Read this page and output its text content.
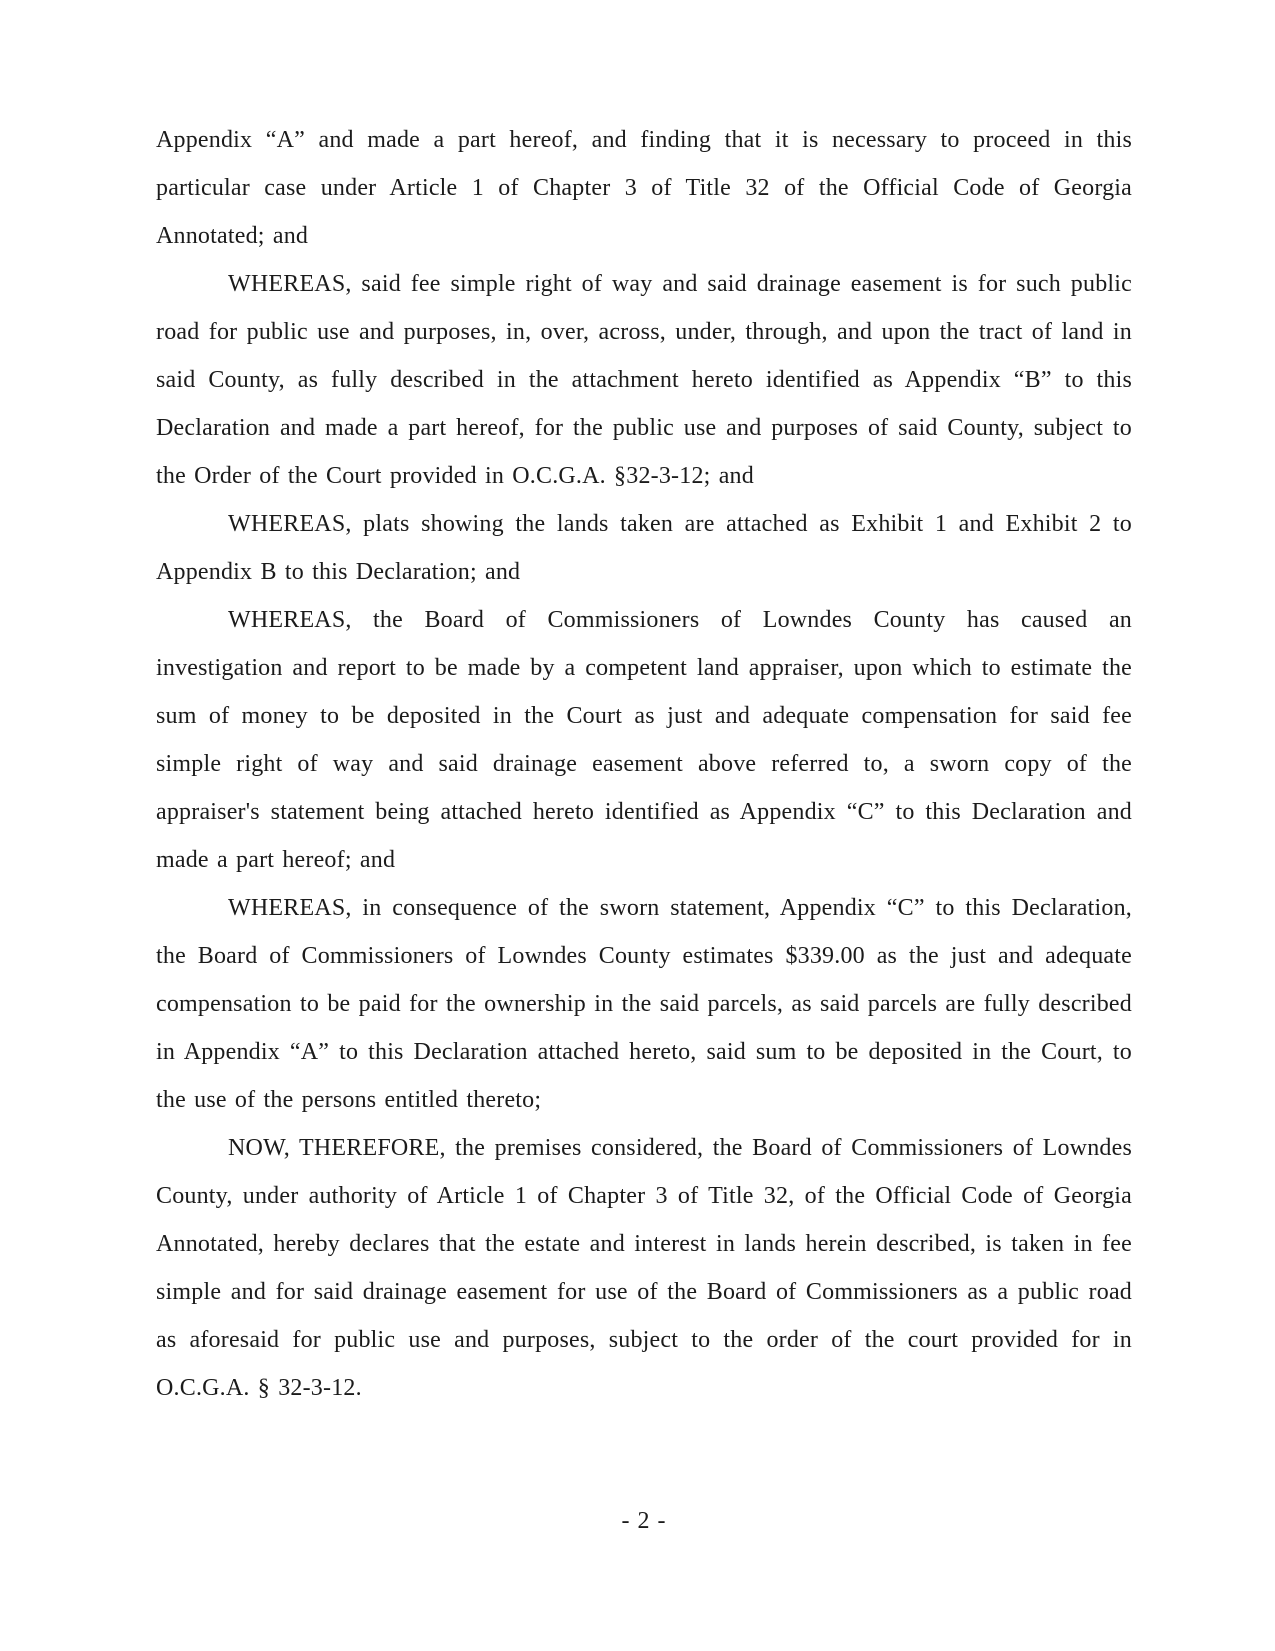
Appendix “A” and made a part hereof, and finding that it is necessary to proceed in this particular case under Article 1 of Chapter 3 of Title 32 of the Official Code of Georgia Annotated; and

WHEREAS, said fee simple right of way and said drainage easement is for such public road for public use and purposes, in, over, across, under, through, and upon the tract of land in said County, as fully described in the attachment hereto identified as Appendix “B” to this Declaration and made a part hereof, for the public use and purposes of said County, subject to the Order of the Court provided in O.C.G.A. §32-3-12; and

WHEREAS, plats showing the lands taken are attached as Exhibit 1 and Exhibit 2 to Appendix B to this Declaration; and

WHEREAS, the Board of Commissioners of Lowndes County has caused an investigation and report to be made by a competent land appraiser, upon which to estimate the sum of money to be deposited in the Court as just and adequate compensation for said fee simple right of way and said drainage easement above referred to, a sworn copy of the appraiser's statement being attached hereto identified as Appendix “C” to this Declaration and made a part hereof; and

WHEREAS, in consequence of the sworn statement, Appendix “C” to this Declaration, the Board of Commissioners of Lowndes County estimates $339.00 as the just and adequate compensation to be paid for the ownership in the said parcels, as said parcels are fully described in Appendix “A” to this Declaration attached hereto, said sum to be deposited in the Court, to the use of the persons entitled thereto;

NOW, THEREFORE, the premises considered, the Board of Commissioners of Lowndes County, under authority of Article 1 of Chapter 3 of Title 32, of the Official Code of Georgia Annotated, hereby declares that the estate and interest in lands herein described, is taken in fee simple and for said drainage easement for use of the Board of Commissioners as a public road as aforesaid for public use and purposes, subject to the order of the court provided for in O.C.G.A. § 32-3-12.

- 2 -
